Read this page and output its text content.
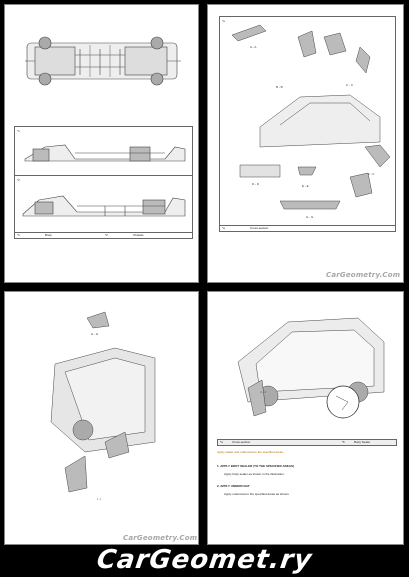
*1
*2
*1	Body	*2	Chassis
*a
A - A
B - B	C - C
D - D	E - E
F - F
G - G
*a	Cross-section
CarGeometry.Com
H - H
I - I
CarGeometry.Com
J - J
*a	Cross-section	*b	Body Sealer
Apply sealer and undercoat to the specified areas.
1. APPLY BODY SEALER (TO THE SPECIFIED AREAS)
Apply body sealer as shown in the illustration.
2. APPLY UNDERCOAT
Apply undercoat to the specified areas as shown.
CarGeomet.ry
